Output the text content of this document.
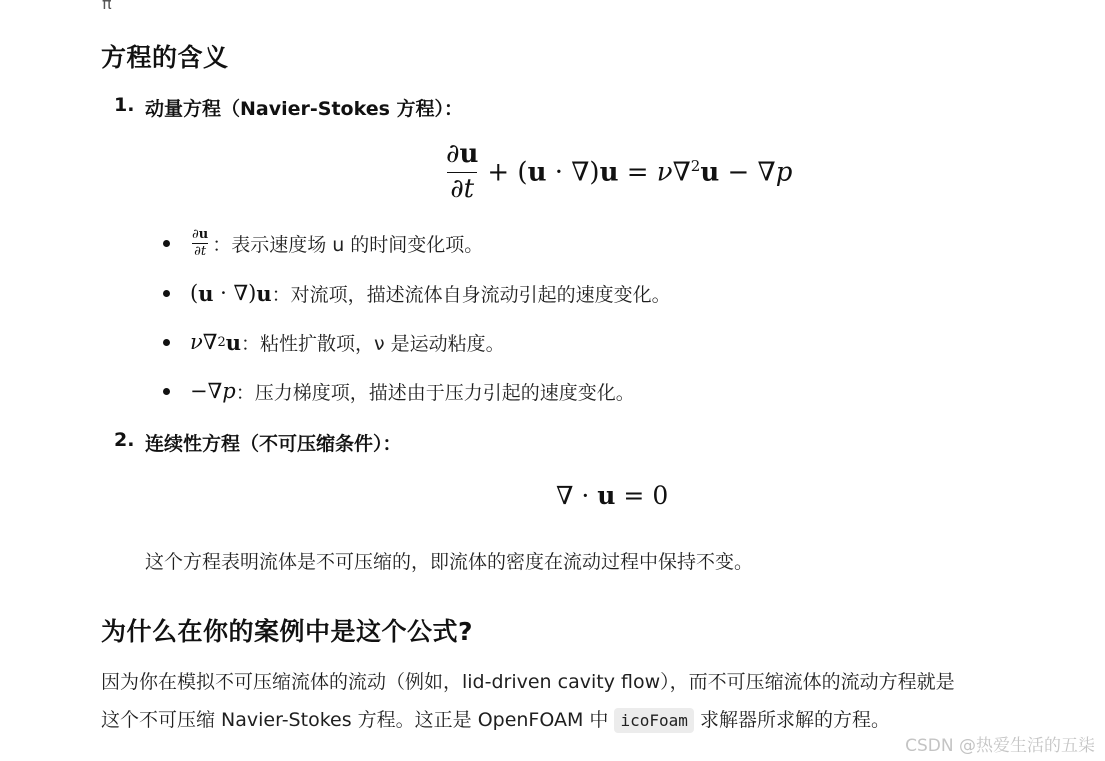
π
方程的含义
1. 动量方程（Navier-Stokes 方程）：
$\frac{\partial u}{\partial t} + (u \cdot \nabla)u = \nu\nabla^2u - \nabla p$
∂u
∂t ：表示速度场 u 的时间变化项。
( u · ∇) u ：对流项，描述流体自身流动引起的速度变化。
ν ∇ 2 u ：粘性扩散项，ν 是运动粘度。
−∇ p ：压力梯度项，描述由于压力引起的速度变化。
2. 连续性方程（不可压缩条件）：
∇ · u = 0
这个方程表明流体是不可压缩的，即流体的密度在流动过程中保持不变。
为什么在你的案例中是这个公式?
因为你在模拟不可压缩流体的流动（例如，lid-driven cavity flow），而不可压缩流体的流动方程就是
这个不可压缩 Navier-Stokes 方程。这正是 OpenFOAM 中 icoFoam 求解器所求解的方程。
CSDN @热爱生活的五柒
